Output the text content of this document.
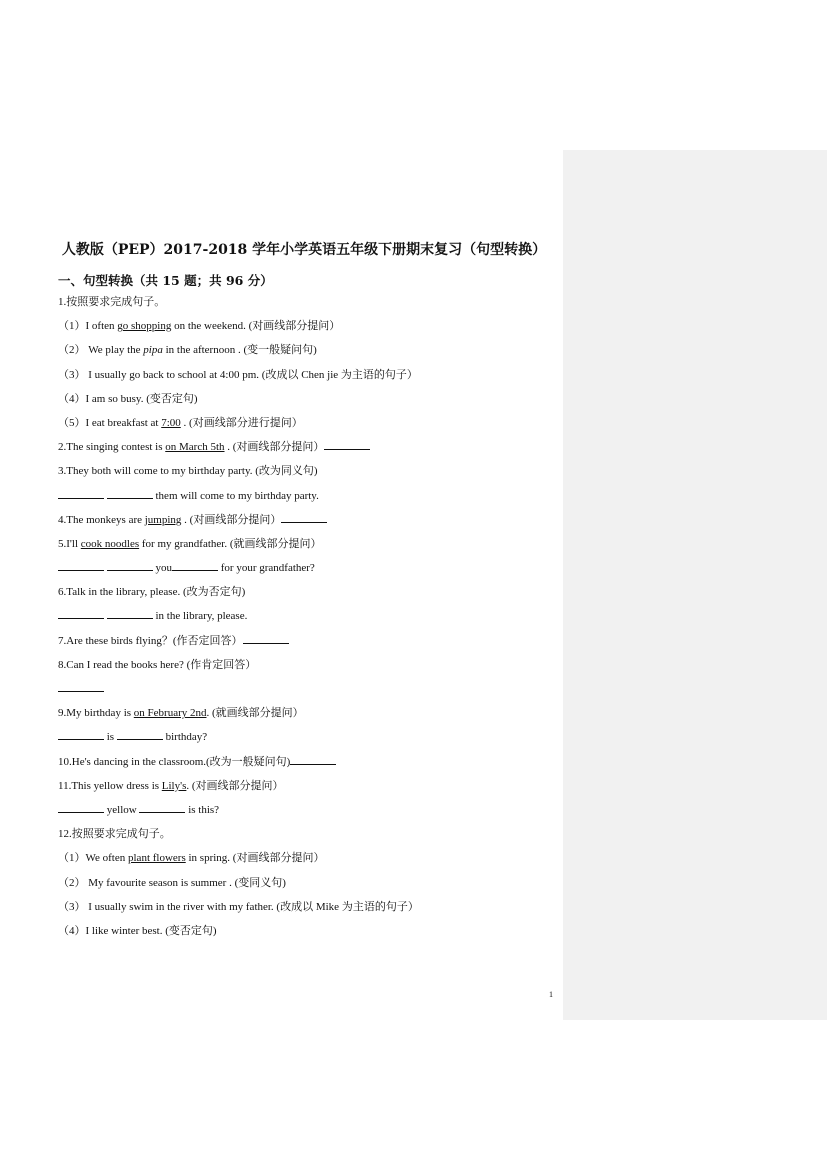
人教版（PEP）2017-2018 学年小学英语五年级下册期末复习（句型转换）
一、句型转换（共 15 题；共 96 分）
1.按照要求完成句子。
（1）I often go shopping on the weekend. (对画线部分提问）
（2） We play the pipa in the afternoon . (变一般疑问句)
（3） I usually go back to school at 4:00 pm. (改成以 Chen jie 为主语的句子）
（4）I am so busy. (变否定句)
（5）I eat breakfast at 7:00 . (对画线部分进行提问）
2.The singing contest is on March 5th . (对画线部分提问）
3.They both will come to my birthday party. (改为同义句)
them will come to my birthday party.
4.The monkeys are jumping . (对画线部分提问）
5.I'll cook noodles for my grandfather. (就画线部分提问）
you	for your grandfather?
6.Talk in the library, please. (改为否定句)
in the library, please.
7.Are these birds flying？(作否定回答）
8.Can I read the books here? (作肯定回答）
9.My birthday is on February 2nd. (就画线部分提问）
is	birthday?
10.He's dancing in the classroom.(改为一般疑问句)
11.This yellow dress is Lily's. (对画线部分提问）
yellow	is this?
12.按照要求完成句子。
（1）We often plant flowers in spring. (对画线部分提问）
（2） My favourite season is summer . (变同义句)
（3） I usually swim in the river with my father. (改成以 Mike 为主语的句子）
（4）I like winter best. (变否定句)
1
